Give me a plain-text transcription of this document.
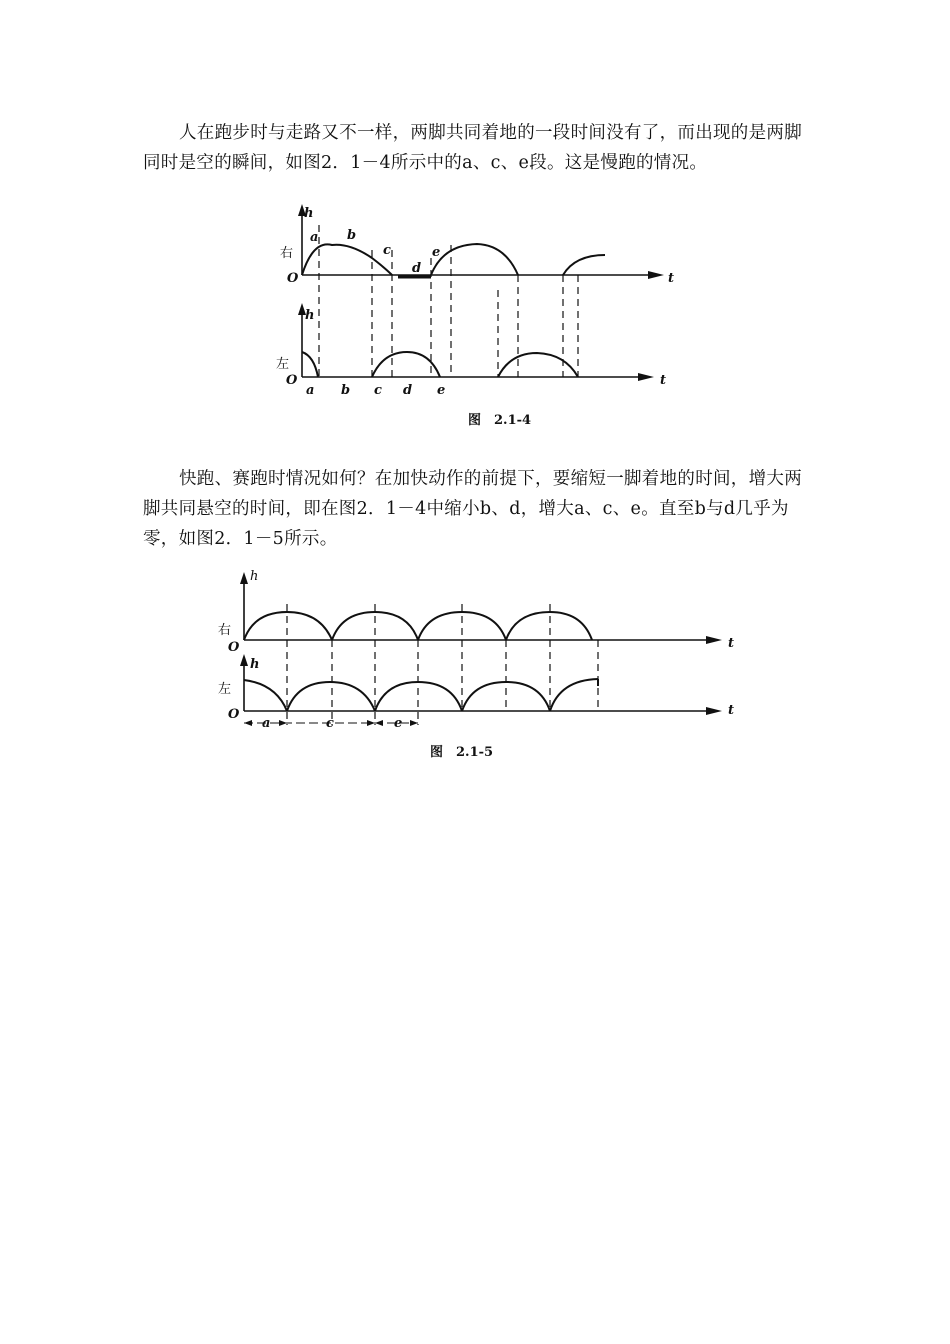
人在跑步时与走路又不一样，两脚共同着地的一段时间没有了，而出现的是两脚同时是空的瞬间，如图2．1－4所示中的a、c、e段。这是慢跑的情况。

快跑、赛跑时情况如何？在加快动作的前提下，要缩短一脚着地的时间，增大两脚共同悬空的时间，即在图2．1－4中缩小b、d，增大a、c、e。直至b与d几乎为零，如图2．1－5所示。

h
右
O	t
a b
c
d
e
h
左
O	t
a b c d e
图　2.1-4
h
右
O	t
h
左
O	t
a	c	e
图　2.1-5
